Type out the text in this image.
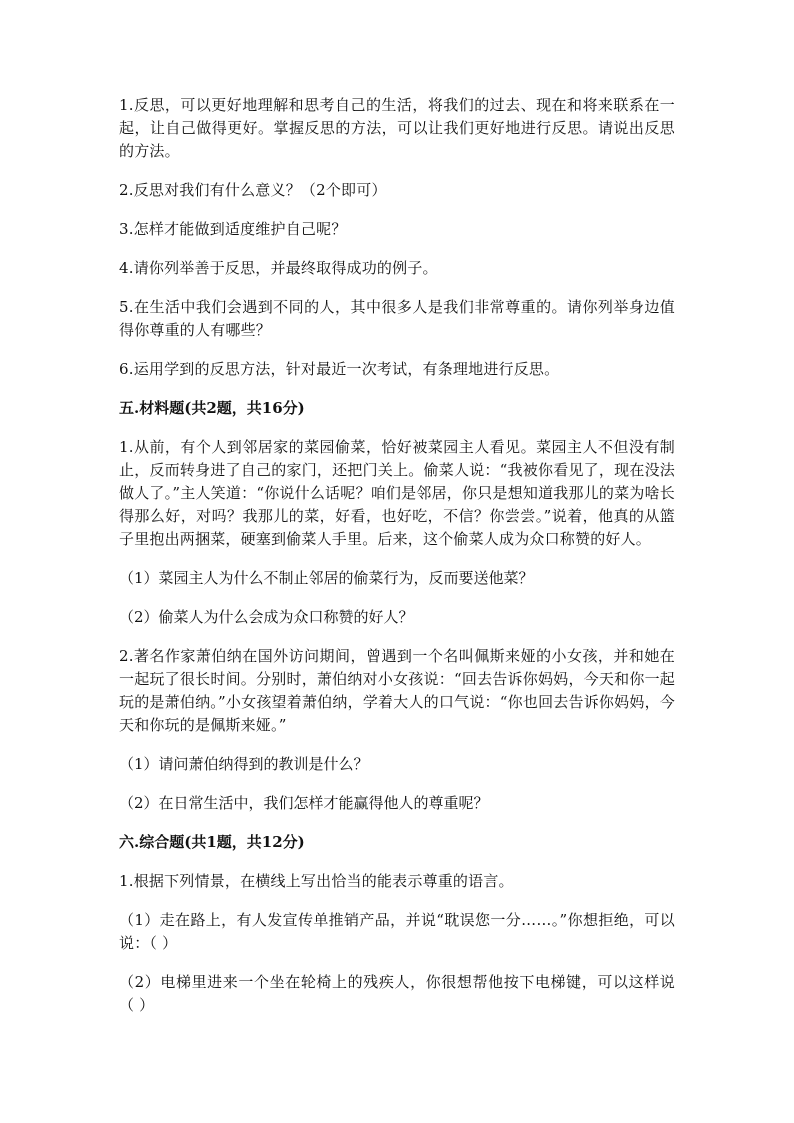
1.反思，可以更好地理解和思考自己的生活，将我们的过去、现在和将来联系在一起，让自己做得更好。掌握反思的方法，可以让我们更好地进行反思。请说出反思的方法。

2.反思对我们有什么意义？（2个即可）

3.怎样才能做到适度维护自己呢？

4.请你列举善于反思，并最终取得成功的例子。

5.在生活中我们会遇到不同的人，其中很多人是我们非常尊重的。请你列举身边值得你尊重的人有哪些？

6.运用学到的反思方法，针对最近一次考试，有条理地进行反思。

五.材料题(共2题，共16分)

1.从前，有个人到邻居家的菜园偷菜，恰好被菜园主人看见。菜园主人不但没有制止，反而转身进了自己的家门，还把门关上。偷菜人说：“我被你看见了，现在没法做人了。”主人笑道：“你说什么话呢？咱们是邻居，你只是想知道我那儿的菜为啥长得那么好，对吗？我那儿的菜，好看，也好吃，不信？你尝尝。”说着，他真的从篮子里抱出两捆菜，硬塞到偷菜人手里。后来，这个偷菜人成为众口称赞的好人。

（1）菜园主人为什么不制止邻居的偷菜行为，反而要送他菜？

（2）偷菜人为什么会成为众口称赞的好人？

2.著名作家萧伯纳在国外访问期间，曾遇到一个名叫佩斯来娅的小女孩，并和她在一起玩了很长时间。分别时，萧伯纳对小女孩说：“回去告诉你妈妈，今天和你一起玩的是萧伯纳。”小女孩望着萧伯纳，学着大人的口气说：“你也回去告诉你妈妈，今天和你玩的是佩斯来娅。”

（1）请问萧伯纳得到的教训是什么？

（2）在日常生活中，我们怎样才能赢得他人的尊重呢？

六.综合题(共1题，共12分)

1.根据下列情景，在横线上写出恰当的能表示尊重的语言。

（1）走在路上，有人发宣传单推销产品，并说“耽误您一分……。”你想拒绝，可以说：（ ）

（2）电梯里进来一个坐在轮椅上的残疾人，你很想帮他按下电梯键，可以这样说（ ）
